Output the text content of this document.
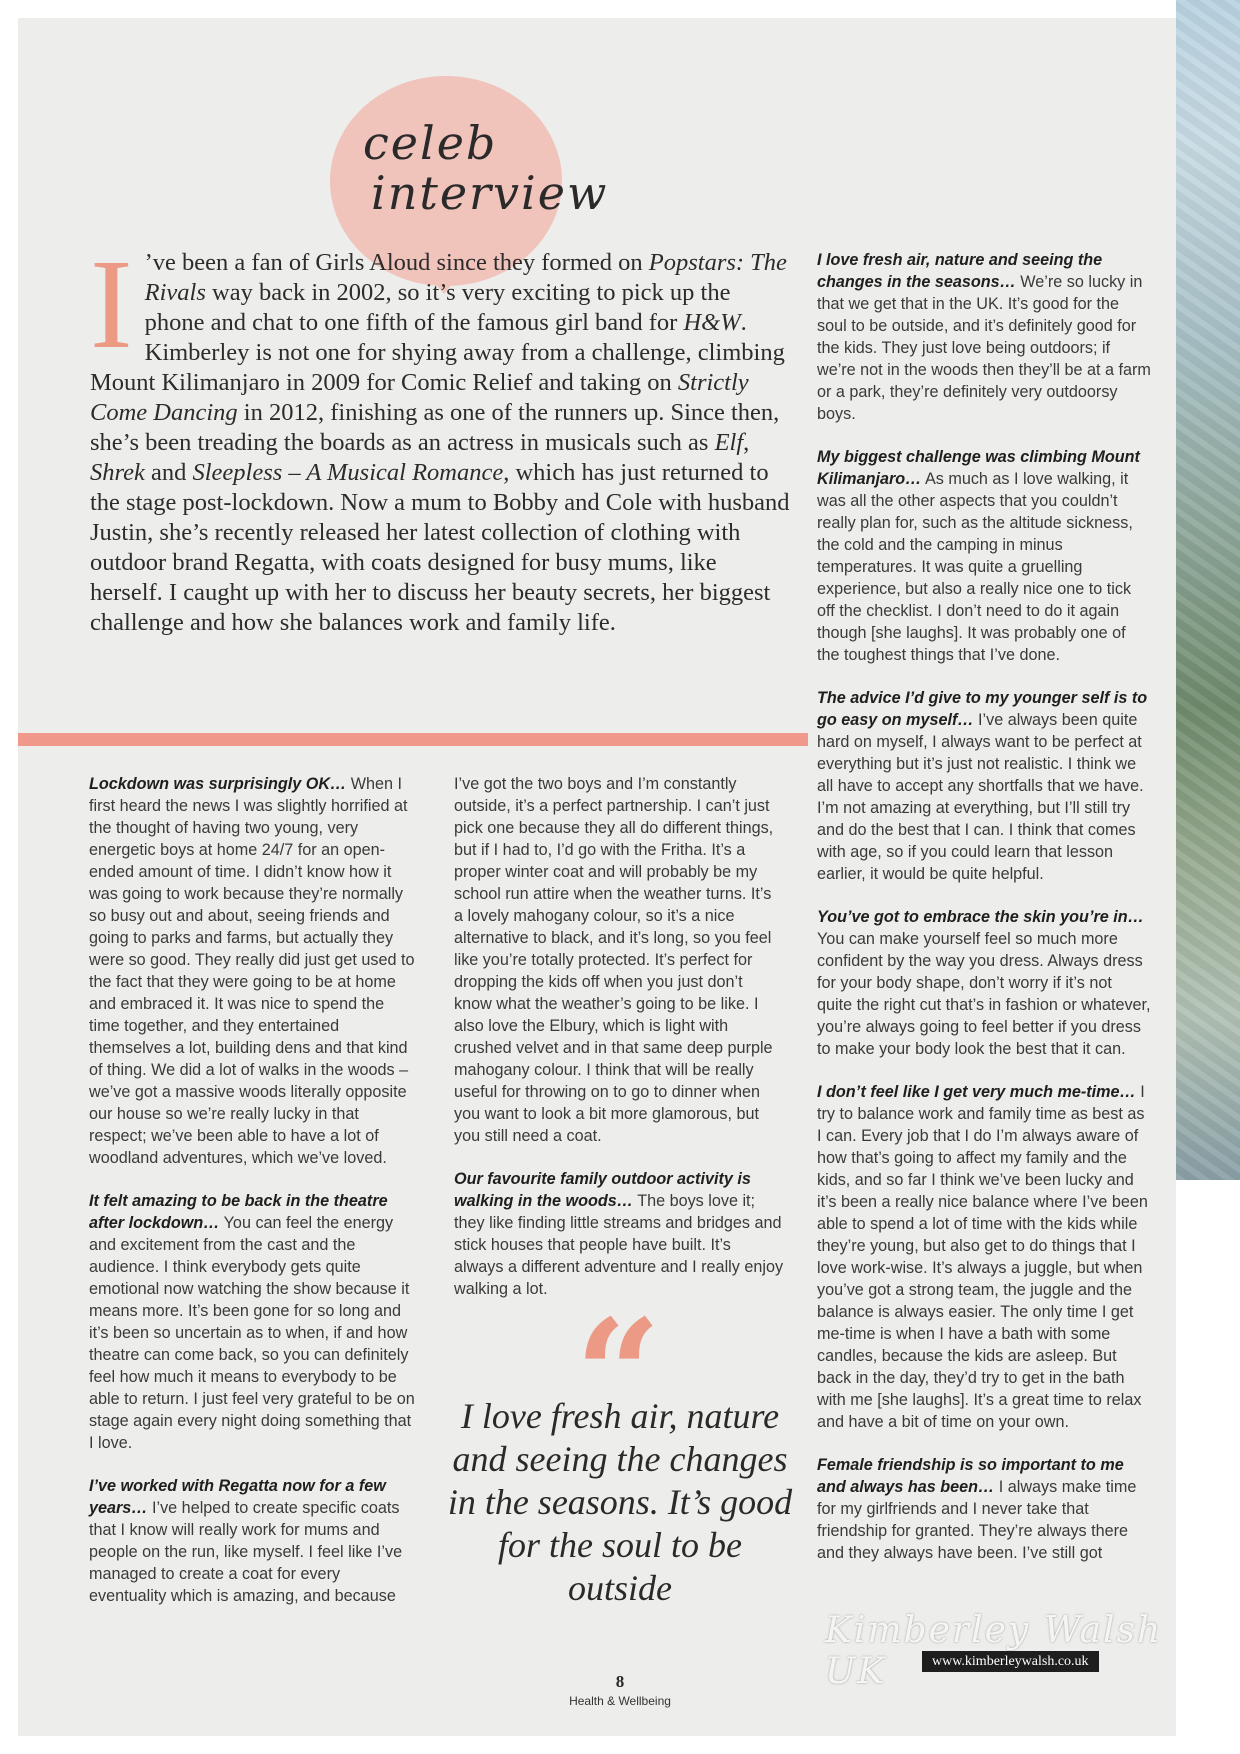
celeb
interview
I ’ve been a fan of Girls Aloud since they formed on Popstars: The Rivals way back in 2002, so it’s very exciting to pick up the phone and chat to one fifth of the famous girl band for H&W. Kimberley is not one for shying away from a challenge, climbing Mount Kilimanjaro in 2009 for Comic Relief and taking on Strictly Come Dancing in 2012, finishing as one of the runners up. Since then, she’s been treading the boards as an actress in musicals such as Elf, Shrek and Sleepless – A Musical Romance, which has just returned to the stage post-lockdown. Now a mum to Bobby and Cole with husband Justin, she’s recently released her latest collection of clothing with outdoor brand Regatta, with coats designed for busy mums, like herself. I caught up with her to discuss her beauty secrets, her biggest challenge and how she balances work and family life.

Lockdown was surprisingly OK… When I first heard the news I was slightly horrified at the thought of having two young, very energetic boys at home 24/7 for an open-ended amount of time. I didn’t know how it was going to work because they’re normally so busy out and about, seeing friends and going to parks and farms, but actually they were so good. They really did just get used to the fact that they were going to be at home and embraced it. It was nice to spend the time together, and they entertained themselves a lot, building dens and that kind of thing. We did a lot of walks in the woods – we’ve got a massive woods literally opposite our house so we’re really lucky in that respect; we’ve been able to have a lot of woodland adventures, which we’ve loved.

It felt amazing to be back in the theatre after lockdown… You can feel the energy and excitement from the cast and the audience. I think everybody gets quite emotional now watching the show because it means more. It’s been gone for so long and it’s been so uncertain as to when, if and how theatre can come back, so you can definitely feel how much it means to everybody to be able to return. I just feel very grateful to be on stage again every night doing something that I love.

I’ve worked with Regatta now for a few years… I’ve helped to create specific coats that I know will really work for mums and people on the run, like myself. I feel like I’ve managed to create a coat for every eventuality which is amazing, and because

I’ve got the two boys and I’m constantly outside, it’s a perfect partnership. I can’t just pick one because they all do different things, but if I had to, I’d go with the Fritha. It’s a proper winter coat and will probably be my school run attire when the weather turns. It’s a lovely mahogany colour, so it’s a nice alternative to black, and it’s long, so you feel like you’re totally protected. It’s perfect for dropping the kids off when you just don’t know what the weather’s going to be like. I also love the Elbury, which is light with crushed velvet and in that same deep purple mahogany colour. I think that will be really useful for throwing on to go to dinner when you want to look a bit more glamorous, but you still need a coat.

Our favourite family outdoor activity is walking in the woods… The boys love it; they like finding little streams and bridges and stick houses that people have built. It’s always a different adventure and I really enjoy walking a lot. “
I love fresh air, nature and seeing the changes in the seasons. It’s good for the soul to be outside

I love fresh air, nature and seeing the changes in the seasons… We’re so lucky in that we get that in the UK. It’s good for the soul to be outside, and it’s definitely good for the kids. They just love being outdoors; if we’re not in the woods then they’ll be at a farm or a park, they’re definitely very outdoorsy boys.

My biggest challenge was climbing Mount Kilimanjaro… As much as I love walking, it was all the other aspects that you couldn’t really plan for, such as the altitude sickness, the cold and the camping in minus temperatures. It was quite a gruelling experience, but also a really nice one to tick off the checklist. I don’t need to do it again though [she laughs]. It was probably one of the toughest things that I’ve done.

The advice I’d give to my younger self is to go easy on myself… I’ve always been quite hard on myself, I always want to be perfect at everything but it’s just not realistic. I think we all have to accept any shortfalls that we have. I’m not amazing at everything, but I’ll still try and do the best that I can. I think that comes with age, so if you could learn that lesson earlier, it would be quite helpful.

You’ve got to embrace the skin you’re in… You can make yourself feel so much more confident by the way you dress. Always dress for your body shape, don’t worry if it’s not quite the right cut that’s in fashion or whatever, you’re always going to feel better if you dress to make your body look the best that it can.

I don’t feel like I get very much me-time… I try to balance work and family time as best as I can. Every job that I do I’m always aware of how that’s going to affect my family and the kids, and so far I think we’ve been lucky and it’s been a really nice balance where I’ve been able to spend a lot of time with the kids while they’re young, but also get to do things that I love work-wise. It’s always a juggle, but when you’ve got a strong team, the juggle and the balance is always easier. The only time I get me-time is when I have a bath with some candles, because the kids are asleep. But back in the day, they’d try to get in the bath with me [she laughs]. It’s a great time to relax and have a bit of time on your own.

Female friendship is so important to me and always has been… I always make time for my girlfriends and I never take that friendship for granted. They’re always there and they always have been. I’ve still got

8
Health & Wellbeing
Kimberley Walsh UK	www.kimberleywalsh.co.uk
